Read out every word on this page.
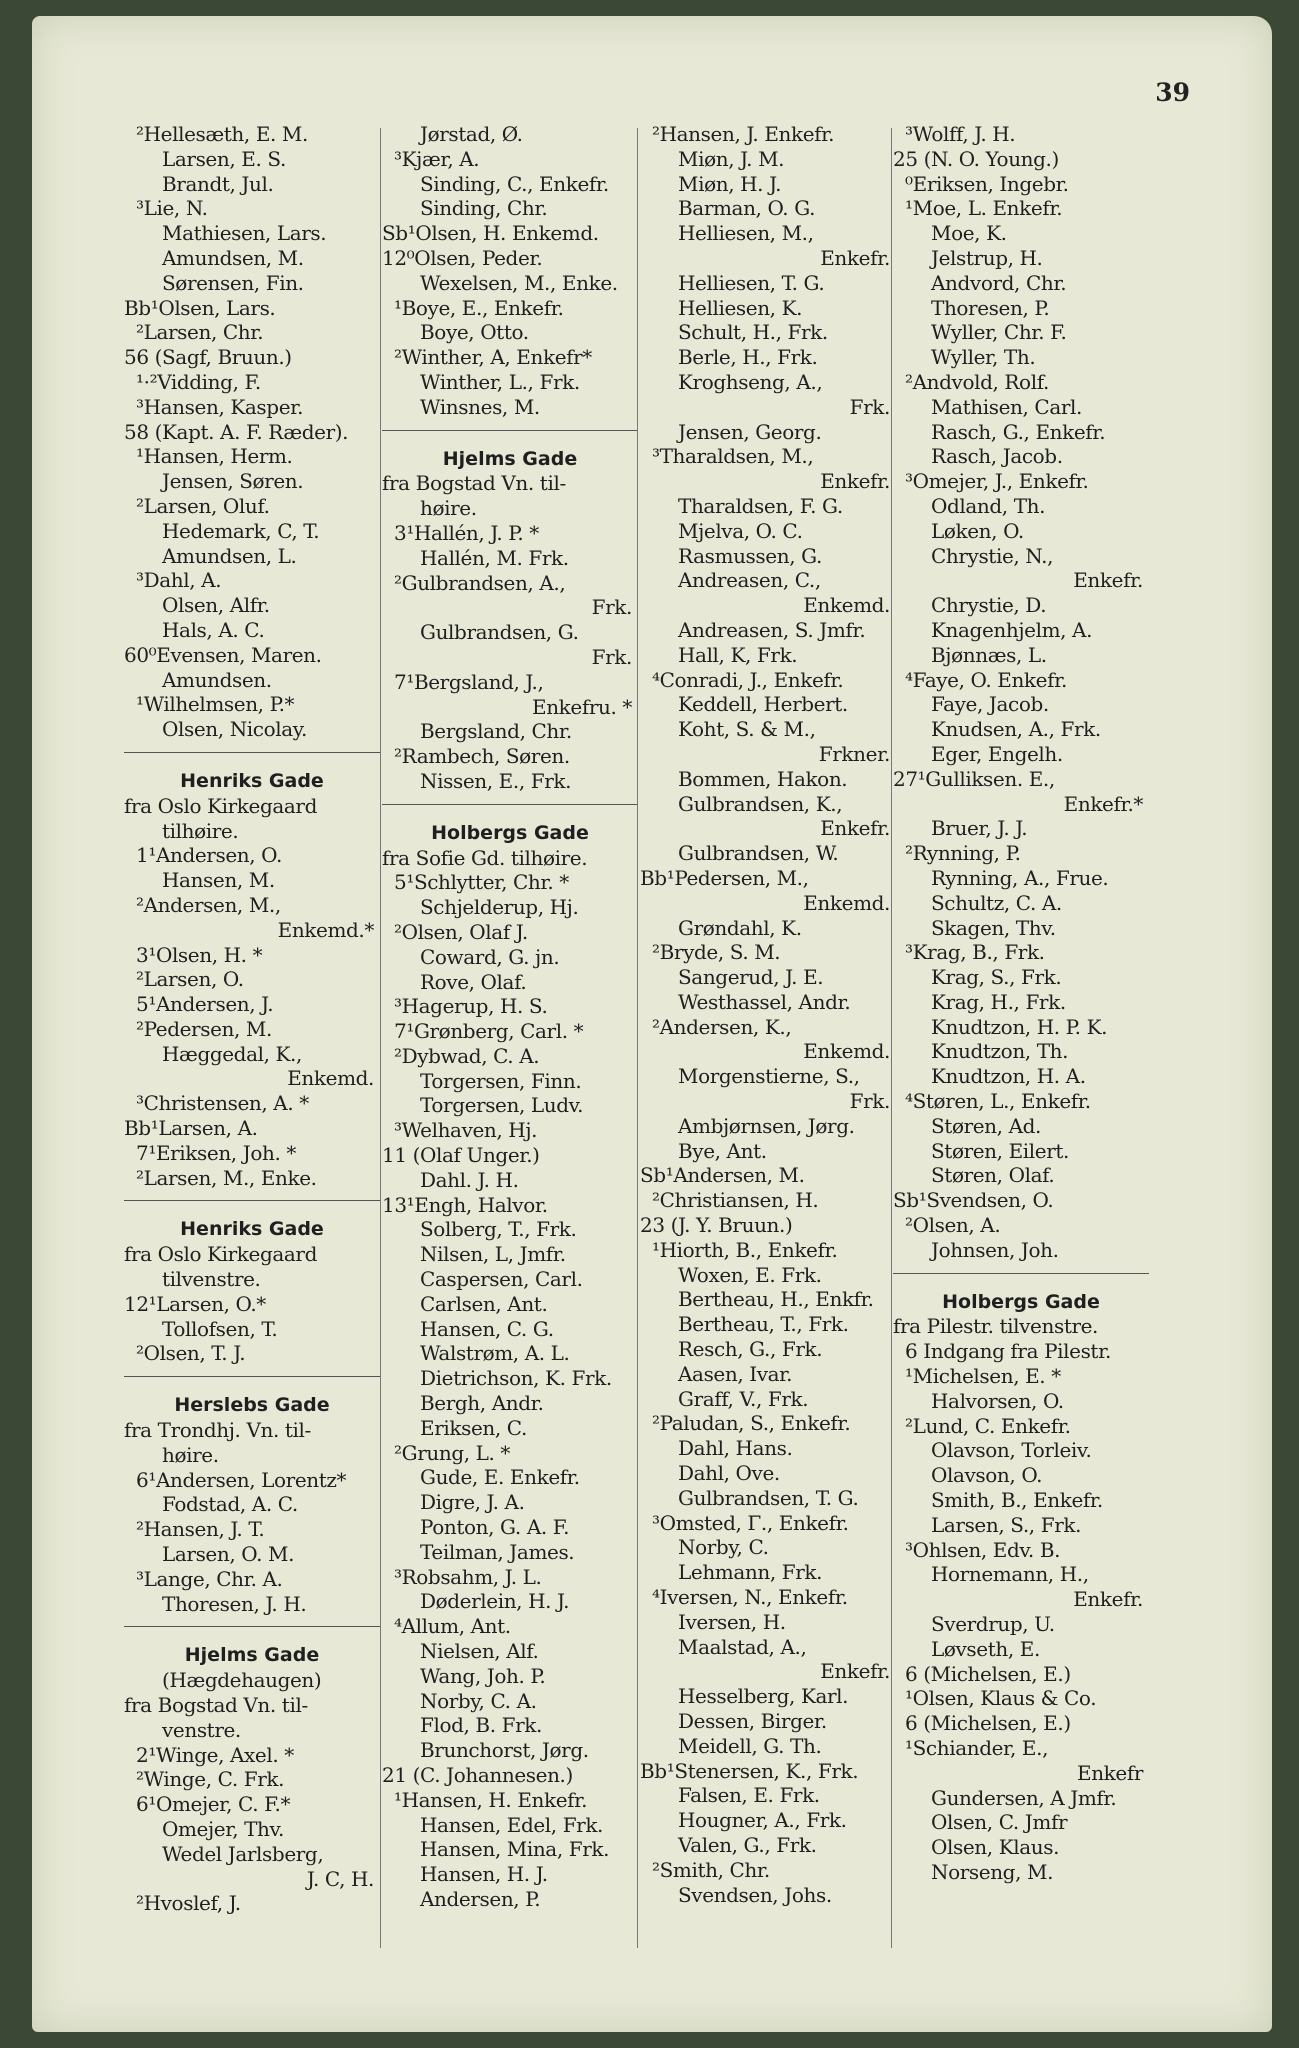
39
²Hellesæth, E. M.
Larsen, E. S.
Brandt, Jul.
³Lie, N.
Mathiesen, Lars.
Amundsen, M.
Sørensen, Fin.
Bb¹Olsen, Lars.
²Larsen, Chr.
56 (Sagf, Bruun.)
¹·²Vidding, F.
³Hansen, Kasper.
58 (Kapt. A. F. Ræder).
¹Hansen, Herm.
Jensen, Søren.
²Larsen, Oluf.
Hedemark, C, T.
Amundsen, L.
³Dahl, A.
Olsen, Alfr.
Hals, A. C.
60⁰Evensen, Maren.
Amundsen.
¹Wilhelmsen, P.*
Olsen, Nicolay.
Henriks Gade
fra Oslo Kirkegaard
tilhøire.
1¹Andersen, O.
Hansen, M.
²Andersen, M.,
Enkemd.*
3¹Olsen, H. *
²Larsen, O.
5¹Andersen, J.
²Pedersen, M.
Hæggedal, K.,
Enkemd.
³Christensen, A. *
Bb¹Larsen, A.
7¹Eriksen, Joh. *
²Larsen, M., Enke.
Henriks Gade
fra Oslo Kirkegaard
tilvenstre.
12¹Larsen, O.*
Tollofsen, T.
²Olsen, T. J.
Herslebs Gade
fra Trondhj. Vn. til-
høire.
6¹Andersen, Lorentz*
Fodstad, A. C.
²Hansen, J. T.
Larsen, O. M.
³Lange, Chr. A.
Thoresen, J. H.
Hjelms Gade
(Hægdehaugen)
fra Bogstad Vn. til-
venstre.
2¹Winge, Axel. *
²Winge, C. Frk.
6¹Omejer, C. F.*
Omejer, Thv.
Wedel Jarlsberg,
J. C, H.
²Hvoslef, J.
Jørstad, Ø.
³Kjær, A.
Sinding, C., Enkefr.
Sinding, Chr.
Sb¹Olsen, H. Enkemd.
12⁰Olsen, Peder.
Wexelsen, M., Enke.
¹Boye, E., Enkefr.
Boye, Otto.
²Winther, A, Enkefr*
Winther, L., Frk.
Winsnes, M.
Hjelms Gade
fra Bogstad Vn. til-
høire.
3¹Hallén, J. P. *
Hallén, M. Frk.
²Gulbrandsen, A.,
Frk.
Gulbrandsen, G.
Frk.
7¹Bergsland, J.,
Enkefru. *
Bergsland, Chr.
²Rambech, Søren.
Nissen, E., Frk.
Holbergs Gade
fra Sofie Gd. tilhøire.
5¹Schlytter, Chr. *
Schjelderup, Hj.
²Olsen, Olaf J.
Coward, G. jn.
Rove, Olaf.
³Hagerup, H. S.
7¹Grønberg, Carl. *
²Dybwad, C. A.
Torgersen, Finn.
Torgersen, Ludv.
³Welhaven, Hj.
11 (Olaf Unger.)
Dahl. J. H.
13¹Engh, Halvor.
Solberg, T., Frk.
Nilsen, L, Jmfr.
Caspersen, Carl.
Carlsen, Ant.
Hansen, C. G.
Walstrøm, A. L.
Dietrichson, K. Frk.
Bergh, Andr.
Eriksen, C.
²Grung, L. *
Gude, E. Enkefr.
Digre, J. A.
Ponton, G. A. F.
Teilman, James.
³Robsahm, J. L.
Døderlein, H. J.
⁴Allum, Ant.
Nielsen, Alf.
Wang, Joh. P.
Norby, C. A.
Flod, B. Frk.
Brunchorst, Jørg.
21 (C. Johannesen.)
¹Hansen, H. Enkefr.
Hansen, Edel, Frk.
Hansen, Mina, Frk.
Hansen, H. J.
Andersen, P.
²Hansen, J. Enkefr.
Miøn, J. M.
Miøn, H. J.
Barman, O. G.
Helliesen, M.,
Enkefr.
Helliesen, T. G.
Helliesen, K.
Schult, H., Frk.
Berle, H., Frk.
Kroghseng, A.,
Frk.
Jensen, Georg.
³Tharaldsen, M.,
Enkefr.
Tharaldsen, F. G.
Mjelva, O. C.
Rasmussen, G.
Andreasen, C.,
Enkemd.
Andreasen, S. Jmfr.
Hall, K, Frk.
⁴Conradi, J., Enkefr.
Keddell, Herbert.
Koht, S. & M.,
Frkner.
Bommen, Hakon.
Gulbrandsen, K.,
Enkefr.
Gulbrandsen, W.
Bb¹Pedersen, M.,
Enkemd.
Grøndahl, K.
²Bryde, S. M.
Sangerud, J. E.
Westhassel, Andr.
²Andersen, K.,
Enkemd.
Morgenstierne, S.,
Frk.
Ambjørnsen, Jørg.
Bye, Ant.
Sb¹Andersen, M.
²Christiansen, H.
23 (J. Y. Bruun.)
¹Hiorth, B., Enkefr.
Woxen, E. Frk.
Bertheau, H., Enkfr.
Bertheau, T., Frk.
Resch, G., Frk.
Aasen, Ivar.
Graff, V., Frk.
²Paludan, S., Enkefr.
Dahl, Hans.
Dahl, Ove.
Gulbrandsen, T. G.
³Omsted, Γ., Enkefr.
Norby, C.
Lehmann, Frk.
⁴Iversen, N., Enkefr.
Iversen, H.
Maalstad, A.,
Enkefr.
Hesselberg, Karl.
Dessen, Birger.
Meidell, G. Th.
Bb¹Stenersen, K., Frk.
Falsen, E. Frk.
Hougner, A., Frk.
Valen, G., Frk.
²Smith, Chr.
Svendsen, Johs.
³Wolff, J. H.
25 (N. O. Young.)
⁰Eriksen, Ingebr.
¹Moe, L. Enkefr.
Moe, K.
Jelstrup, H.
Andvord, Chr.
Thoresen, P.
Wyller, Chr. F.
Wyller, Th.
²Andvold, Rolf.
Mathisen, Carl.
Rasch, G., Enkefr.
Rasch, Jacob.
³Omejer, J., Enkefr.
Odland, Th.
Løken, O.
Chrystie, N.,
Enkefr.
Chrystie, D.
Knagenhjelm, A.
Bjønnæs, L.
⁴Faye, O. Enkefr.
Faye, Jacob.
Knudsen, A., Frk.
Eger, Engelh.
27¹Gulliksen. E.,
Enkefr.*
Bruer, J. J.
²Rynning, P.
Rynning, A., Frue.
Schultz, C. A.
Skagen, Thv.
³Krag, B., Frk.
Krag, S., Frk.
Krag, H., Frk.
Knudtzon, H. P. K.
Knudtzon, Th.
Knudtzon, H. A.
⁴Støren, L., Enkefr.
Støren, Ad.
Støren, Eilert.
Støren, Olaf.
Sb¹Svendsen, O.
²Olsen, A.
Johnsen, Joh.
Holbergs Gade
fra Pilestr. tilvenstre.
6 Indgang fra Pilestr.
¹Michelsen, E. *
Halvorsen, O.
²Lund, C. Enkefr.
Olavson, Torleiv.
Olavson, O.
Smith, B., Enkefr.
Larsen, S., Frk.
³Ohlsen, Edv. B.
Hornemann, H.,
Enkefr.
Sverdrup, U.
Løvseth, E.
6 (Michelsen, E.)
¹Olsen, Klaus & Co.
6 (Michelsen, E.)
¹Schiander, E.,
Enkefr
Gundersen, A Jmfr.
Olsen, C. Jmfr
Olsen, Klaus.
Norseng, M.
